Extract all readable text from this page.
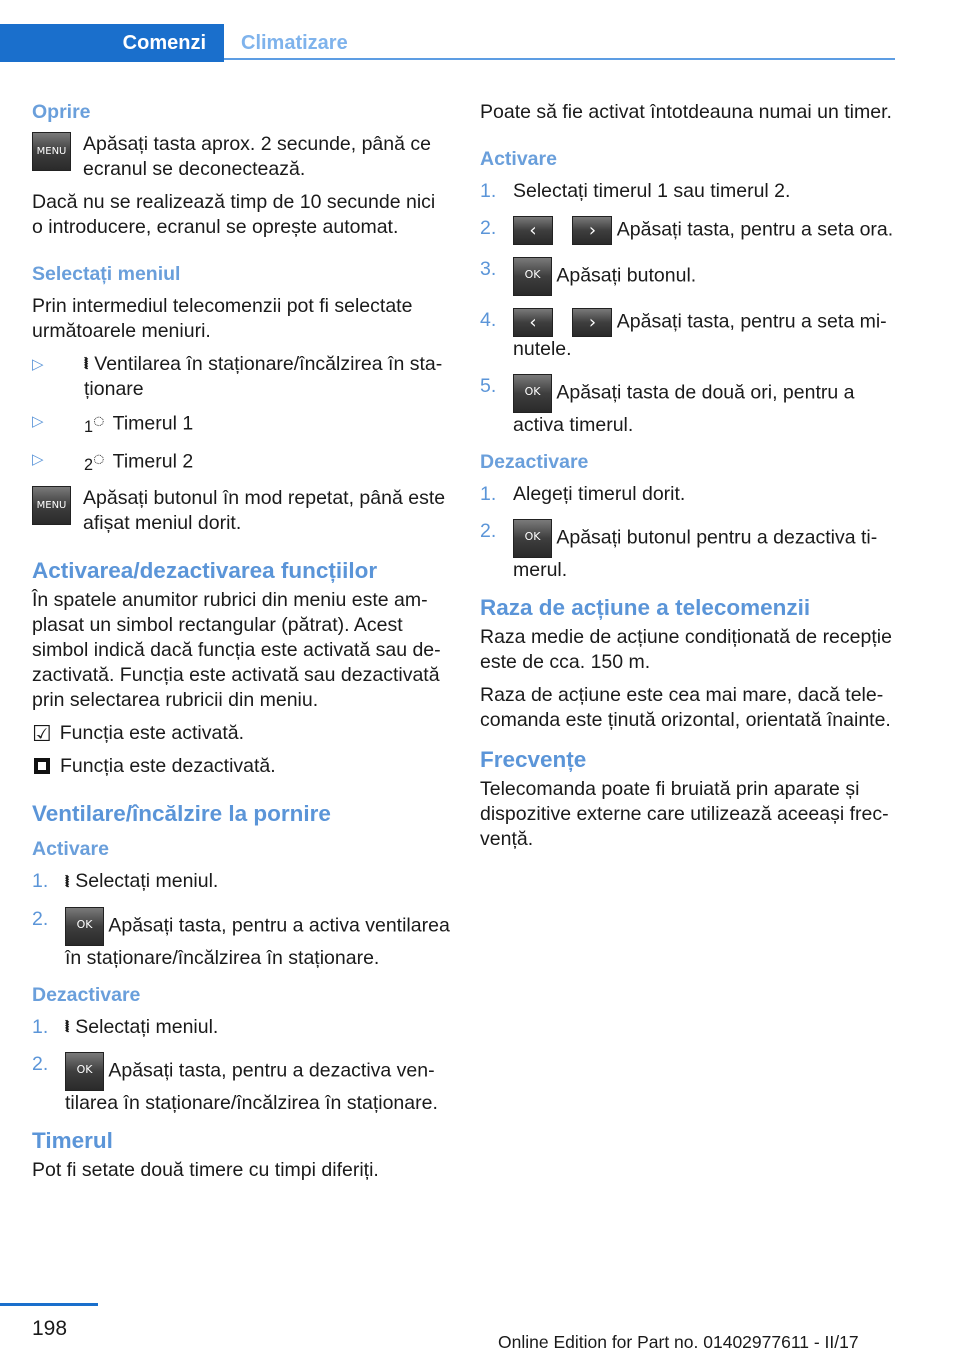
Comenzi	Climatizare
Oprire
MENU Apăsați tasta aprox. 2 secunde, până ce ecranul se deconectează.

Dacă nu se realizează timp de 10 secunde nici o introducere, ecranul se oprește automat.

Selectați meniul

Prin intermediul telecomenzii pot fi selectate următoarele meniuri.

▷	⦚⦚ Ventilarea în staționare/încălzirea în staționare
▷ $_1$◌ Timerul 1
▷ $_2$◌ Timerul 2
MENU Apăsați butonul în mod repetat, până este afișat meniul dorit.
Activarea/dezactivarea funcțiilor

În spatele anumitor rubrici din meniu este amplasat un simbol rectangular (pătrat). Acest simbol indică dacă funcția este activată sau dezactivată. Funcția este activată sau dezactivată prin selectarea rubricii din meniu.

☑ Funcția este activată.
Funcția este dezactivată.
Ventilare/încălzire la pornire
Activare
1. ⦚⦚ Selectați meniul.
2.	OK Apăsați tasta, pentru a activa ventilarea în staționare/încălzirea în staționare.
Dezactivare
1. ⦚⦚ Selectați meniul.
2.	OK Apăsați tasta, pentru a dezactiva ventilarea în staționare/încălzirea în staționare.
Timerul

Pot fi setate două timere cu timpi diferiți.

Poate să fie activat întotdeauna numai un timer.

Activare
1. Selectați timerul 1 sau timerul 2.
2. ‹	› Apăsați tasta, pentru a seta ora.
3.	OK Apăsați butonul.
4. ‹	› Apăsați tasta, pentru a seta minutele.
5.	OK Apăsați tasta de două ori, pentru a activa timerul.
Dezactivare
1. Alegeți timerul dorit.
2.	OK Apăsați butonul pentru a dezactiva timerul.
Raza de acțiune a telecomenzii

Raza medie de acțiune condiționată de recepție este de cca. 150 m.

Raza de acțiune este cea mai mare, dacă telecomanda este ținută orizontal, orientată înainte.

Frecvențe

Telecomanda poate fi bruiată prin aparate și dispozitive externe care utilizează aceeași frecvență.

198
Online Edition for Part no. 01402977611 - II/17
